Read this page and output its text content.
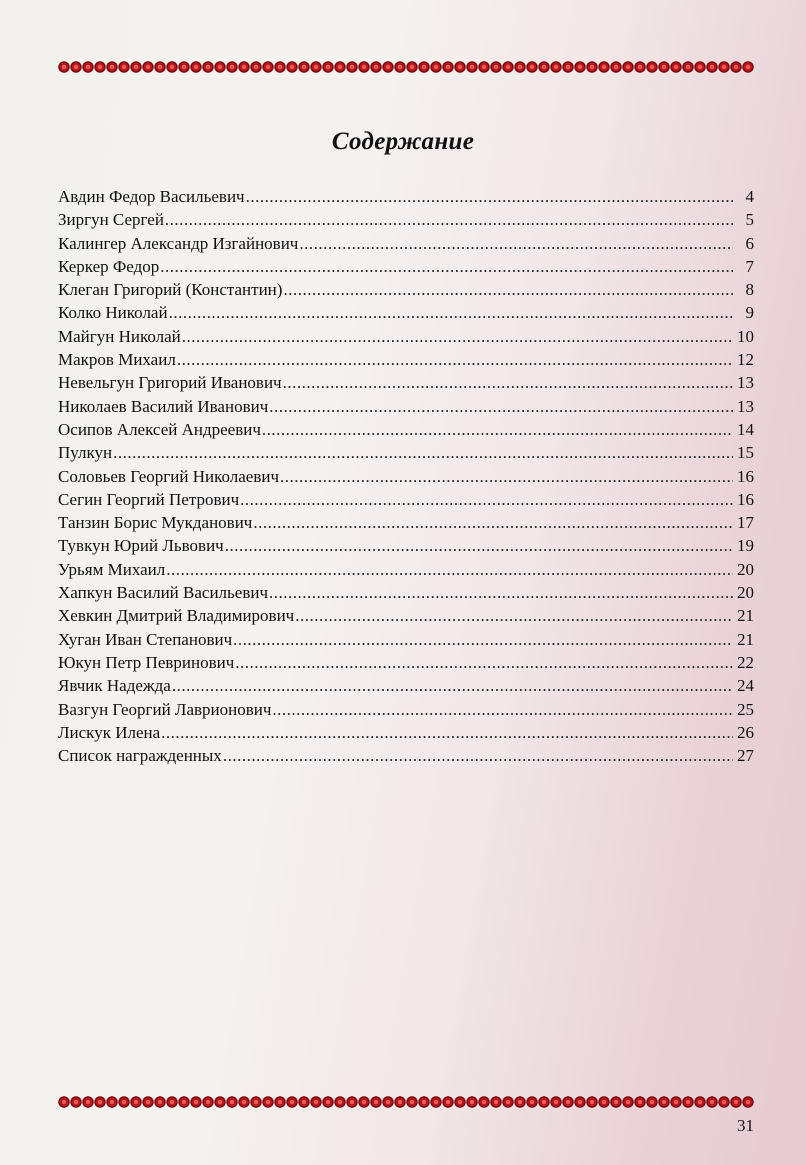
Содержание
Авдин Федор Васильевич .....	4
Зиргун Сергей .....	5
Калингер Александр Изгайнович .....	6
Керкер Федор .....	7
Клеган Григорий (Константин) .....	8
Колко Николай .....	9
Майгун Николай .....	10
Макров Михаил .....	12
Невельгун Григорий Иванович .....	13
Николаев Василий Иванович .....	13
Осипов Алексей Андреевич .....	14
Пулкун .....	15
Соловьев Георгий Николаевич .....	16
Сегин Георгий Петрович .....	16
Танзин Борис Мукданович .....	17
Тувкун Юрий Львович .....	19
Урьям Михаил .....	20
Хапкун Василий Васильевич .....	20
Хевкин Дмитрий Владимирович .....	21
Хуган Иван Степанович .....	21
Юкун Петр Певринович .....	22
Явчик Надежда .....	24
Вазгун Георгий Лаврионович .....	25
Лискук Илена .....	26
Список награжденных .....	27
31
